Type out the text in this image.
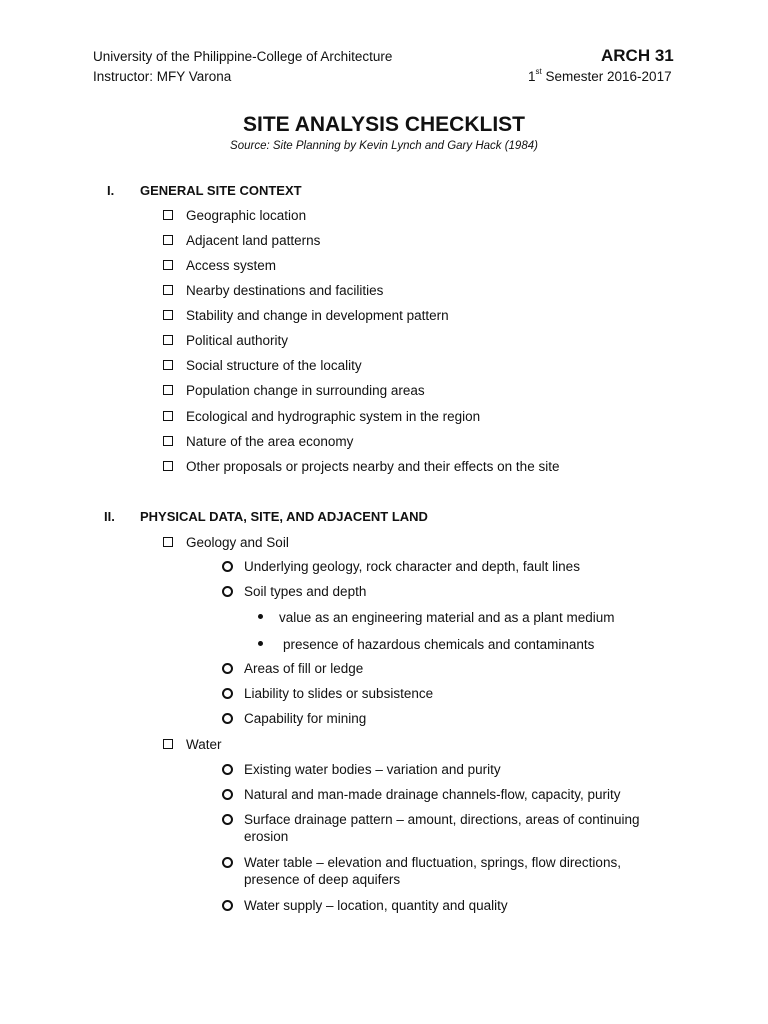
University of the Philippine-College of Architecture
Instructor: MFY Varona
ARCH 31
1st Semester 2016-2017
SITE ANALYSIS CHECKLIST
Source: Site Planning by Kevin Lynch and Gary Hack (1984)
I. GENERAL SITE CONTEXT
Geographic location
Adjacent land patterns
Access system
Nearby destinations and facilities
Stability and change in development pattern
Political authority
Social structure of the locality
Population change in surrounding areas
Ecological and hydrographic system in the region
Nature of the area economy
Other proposals or projects nearby and their effects on the site
II. PHYSICAL DATA, SITE, AND ADJACENT LAND
Geology and Soil
Underlying geology, rock character and depth, fault lines
Soil types and depth
value as an engineering material and as a plant medium
presence of hazardous chemicals and contaminants
Areas of fill or ledge
Liability to slides or subsistence
Capability for mining
Water
Existing water bodies – variation and purity
Natural and man-made drainage channels-flow, capacity, purity
Surface drainage pattern – amount, directions, areas of continuing
erosion
Water table – elevation and fluctuation, springs, flow directions,
presence of deep aquifers
Water supply – location, quantity and quality
